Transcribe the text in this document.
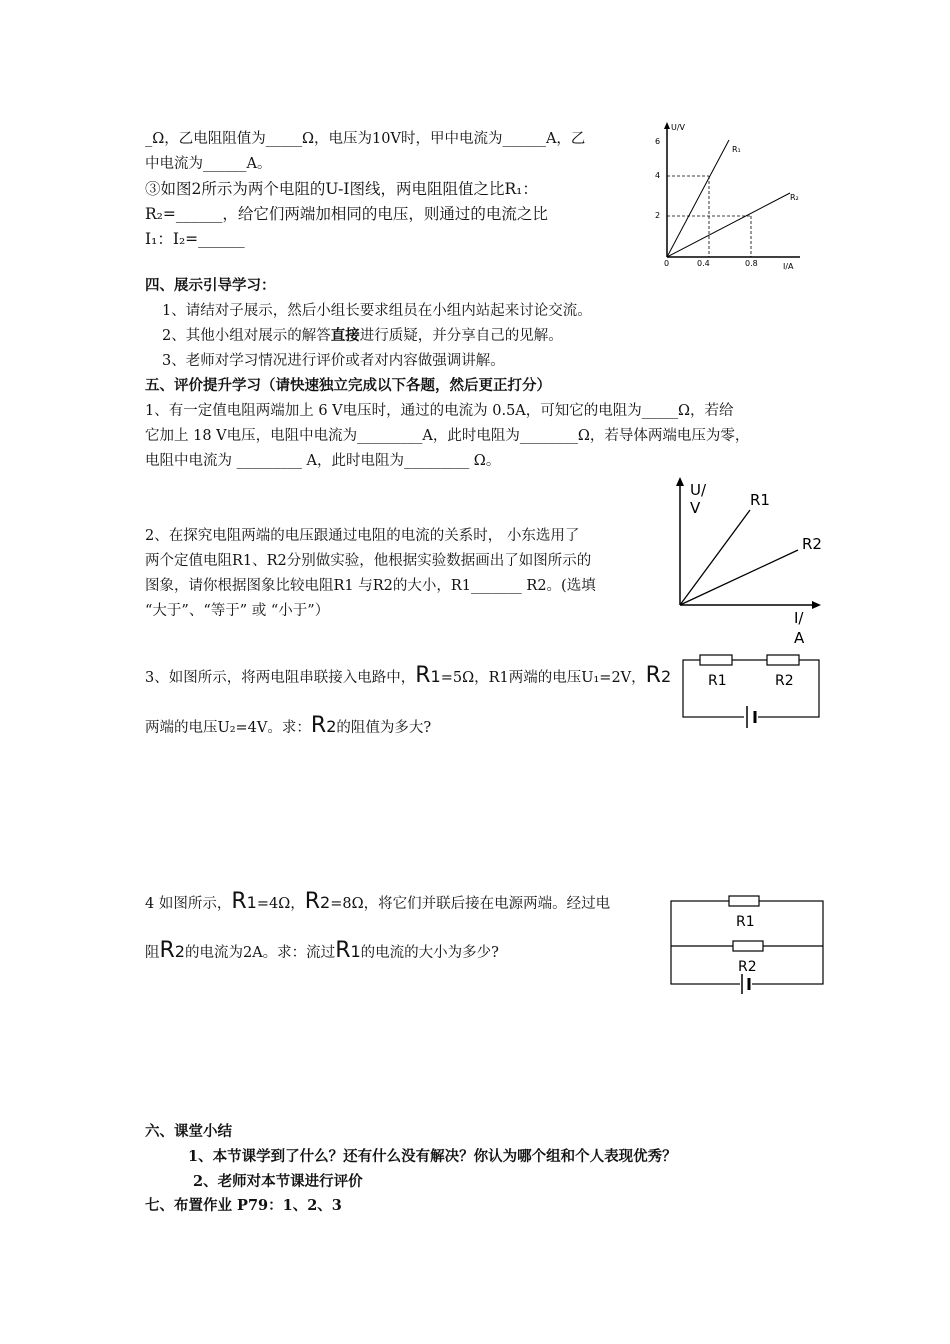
_Ω，乙电阻阻值为_____Ω，电压为10V时，甲中电流为______A，乙
中电流为______A。
③如图2所示为两个电阻的U-I图线，两电阻阻值之比R₁：
R₂=______，给它们两端加相同的电压，则通过的电流之比
I₁：I₂=______
U/V
6
4
2
0	0.4	0.8	I/A
R₁
R₂
四、展示引导学习：
1、请结对子展示，然后小组长要求组员在小组内站起来讨论交流。
2、其他小组对展示的解答直接进行质疑，并分享自己的见解。
3、老师对学习情况进行评价或者对内容做强调讲解。
五、评价提升学习（请快速独立完成以下各题，然后更正打分）
1、有一定值电阻两端加上 6 V电压时，通过的电流为 0.5A，可知它的电阻为_____Ω，若给
它加上 18 V电压，电阻中电流为_________A，此时电阻为________Ω，若导体两端电压为零，
电阻中电流为 _________ A，此时电阻为_________ Ω。
2、在探究电阻两端的电压跟通过电阻的电流的关系时， 小东选用了
两个定值电阻R1、R2分别做实验，他根据实验数据画出了如图所示的
图象，请你根据图象比较电阻R1 与R2的大小，R1_______ R2。(选填
“大于”、“等于” 或 “小于”）
U/
V	R1
R2
I/
A
3、如图所示，将两电阻串联接入电路中，R1=5Ω，R1两端的电压U₁=2V，R2
两端的电压U₂=4V。求：R2的阻值为多大?
R1	R2
4 如图所示，R1=4Ω，R2=8Ω，将它们并联后接在电源两端。经过电
阻R2的电流为2A。求：流过R1的电流的大小为多少?
R1
R2
六、课堂小结
1、本节课学到了什么？还有什么没有解决？你认为哪个组和个人表现优秀？
2、老师对本节课进行评价
七、布置作业 P79：1、2、3
